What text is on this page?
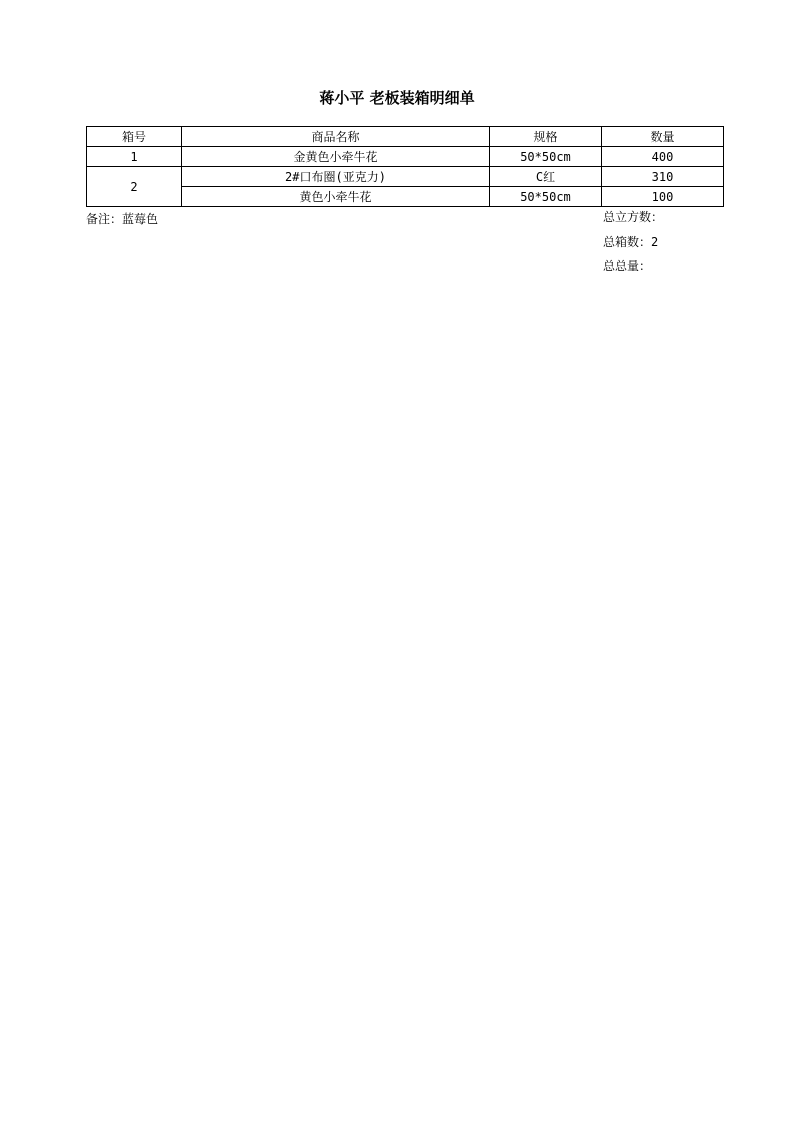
蒋小平 老板装箱明细单
箱号	商品名称	规格	数量
1	金黄色小牵牛花	50*50cm	400
2	2#口布圈(亚克力)	C红	310
	黄色小牵牛花	50*50cm	100
备注：蓝莓色	总立方数：
总箱数：2
总总量：
